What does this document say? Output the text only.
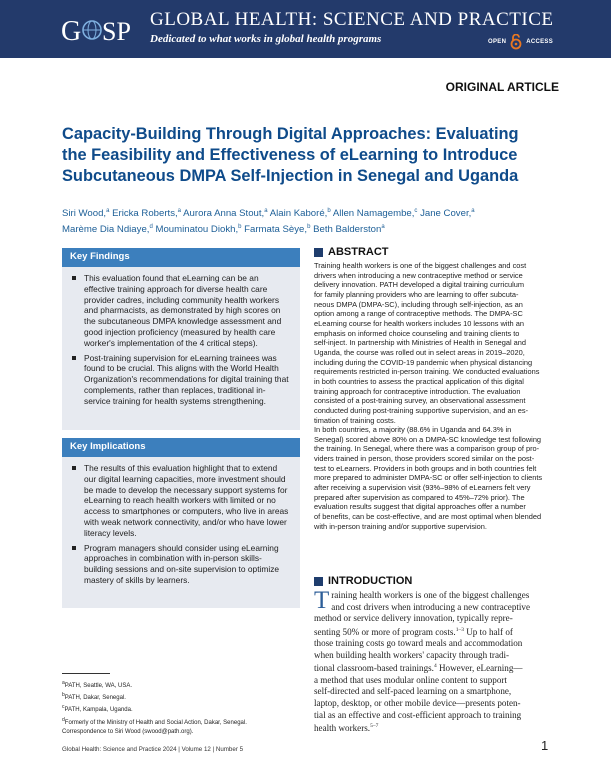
G SP GLOBAL HEALTH: SCIENCE AND PRACTICE
Dedicated to what works in global health programs	OPEN	ACCESS
ORIGINAL ARTICLE
Capacity-Building Through Digital Approaches: Evaluating
the Feasibility and Effectiveness of eLearning to Introduce
Subcutaneous DMPA Self-Injection in Senegal and Uganda
Siri Wood,$^a$ Ericka Roberts,$^a$ Aurora Anna Stout,$^a$ Alain Kaboré,$^b$ Allen Namagembe,$^c$ Jane Cover,$^a$
Marème Dia Ndiaye,$^d$ Mouminatou Diokh,$^b$ Farmata Sèye,$^b$ Beth Balderston$^a$
Key Findings
This evaluation found that eLearning can be an effective training approach for diverse health care provider cadres, including community health workers and pharmacists, as demonstrated by high scores on the subcutaneous DMPA knowledge assessment and good injection proficiency (measured by health care worker's implementation of the 4 critical steps).
Post-training supervision for eLearning trainees was found to be crucial. This aligns with the World Health Organization's recommendations for digital training that complements, rather than replaces, traditional in-service training for health systems strengthening.
Key Implications
The results of this evaluation highlight that to extend our digital learning capacities, more investment should be made to develop the necessary support systems for eLearning to reach health workers with limited or no access to smartphones or computers, who live in areas with weak network connectivity, and/or who have lower literacy levels.
Program managers should consider using eLearning approaches in combination with in-person skills-building sessions and on-site supervision to optimize mastery of skills by learners.
ABSTRACT
Training health workers is one of the biggest challenges and cost
drivers when introducing a new contraceptive method or service
delivery innovation. PATH developed a digital training curriculum
for family planning providers who are learning to offer subcuta-
neous DMPA (DMPA-SC), including through self-injection, as an
option among a range of contraceptive methods. The DMPA-SC
eLearning course for health workers includes 10 lessons with an
emphasis on informed choice counseling and training clients to
self-inject. In partnership with Ministries of Health in Senegal and
Uganda, the course was rolled out in select areas in 2019–2020,
including during the COVID-19 pandemic when physical distancing
requirements restricted in-person training. We conducted evaluations
in both countries to assess the practical application of this digital
training approach for contraceptive introduction. The evaluation
consisted of a post-training survey, an observational assessment
conducted during post-training supportive supervision, and an es-
timation of training costs.
In both countries, a majority (88.6% in Uganda and 64.3% in
Senegal) scored above 80% on a DMPA-SC knowledge test following
the training. In Senegal, where there was a comparison group of pro-
viders trained in person, those providers scored similar on the post-
test to eLearners. Providers in both groups and in both countries felt
more prepared to administer DMPA-SC or offer self-injection to clients
after receiving a supervision visit (93%–98% of eLearners felt very
prepared after supervision as compared to 45%–72% prior). The
evaluation results suggest that digital approaches offer a number
of benefits, can be cost-effective, and are most optimal when blended
with in-person training and/or supportive supervision.
INTRODUCTION
T raining health workers is one of the biggest challenges
and cost drivers when introducing a new contraceptive
method or service delivery innovation, typically repre-
senting 50% or more of program costs.$^{1-3}$ Up to half of
those training costs go toward meals and accommodation
when building health workers' capacity through tradi-
tional classroom-based trainings.$^4$ However, eLearning—
a method that uses modular online content to support
self-directed and self-paced learning on a smartphone,
laptop, desktop, or other mobile device—presents poten-
tial as an effective and cost-efficient approach to training
health workers.$^{5-7}$
$^a$PATH, Seattle, WA, USA.
$^b$PATH, Dakar, Senegal.
$^c$PATH, Kampala, Uganda.
$^d$Formerly of the Ministry of Health and Social Action, Dakar, Senegal.
Correspondence to Siri Wood (swood@path.org).
Global Health: Science and Practice 2024 | Volume 12 | Number 5	1
